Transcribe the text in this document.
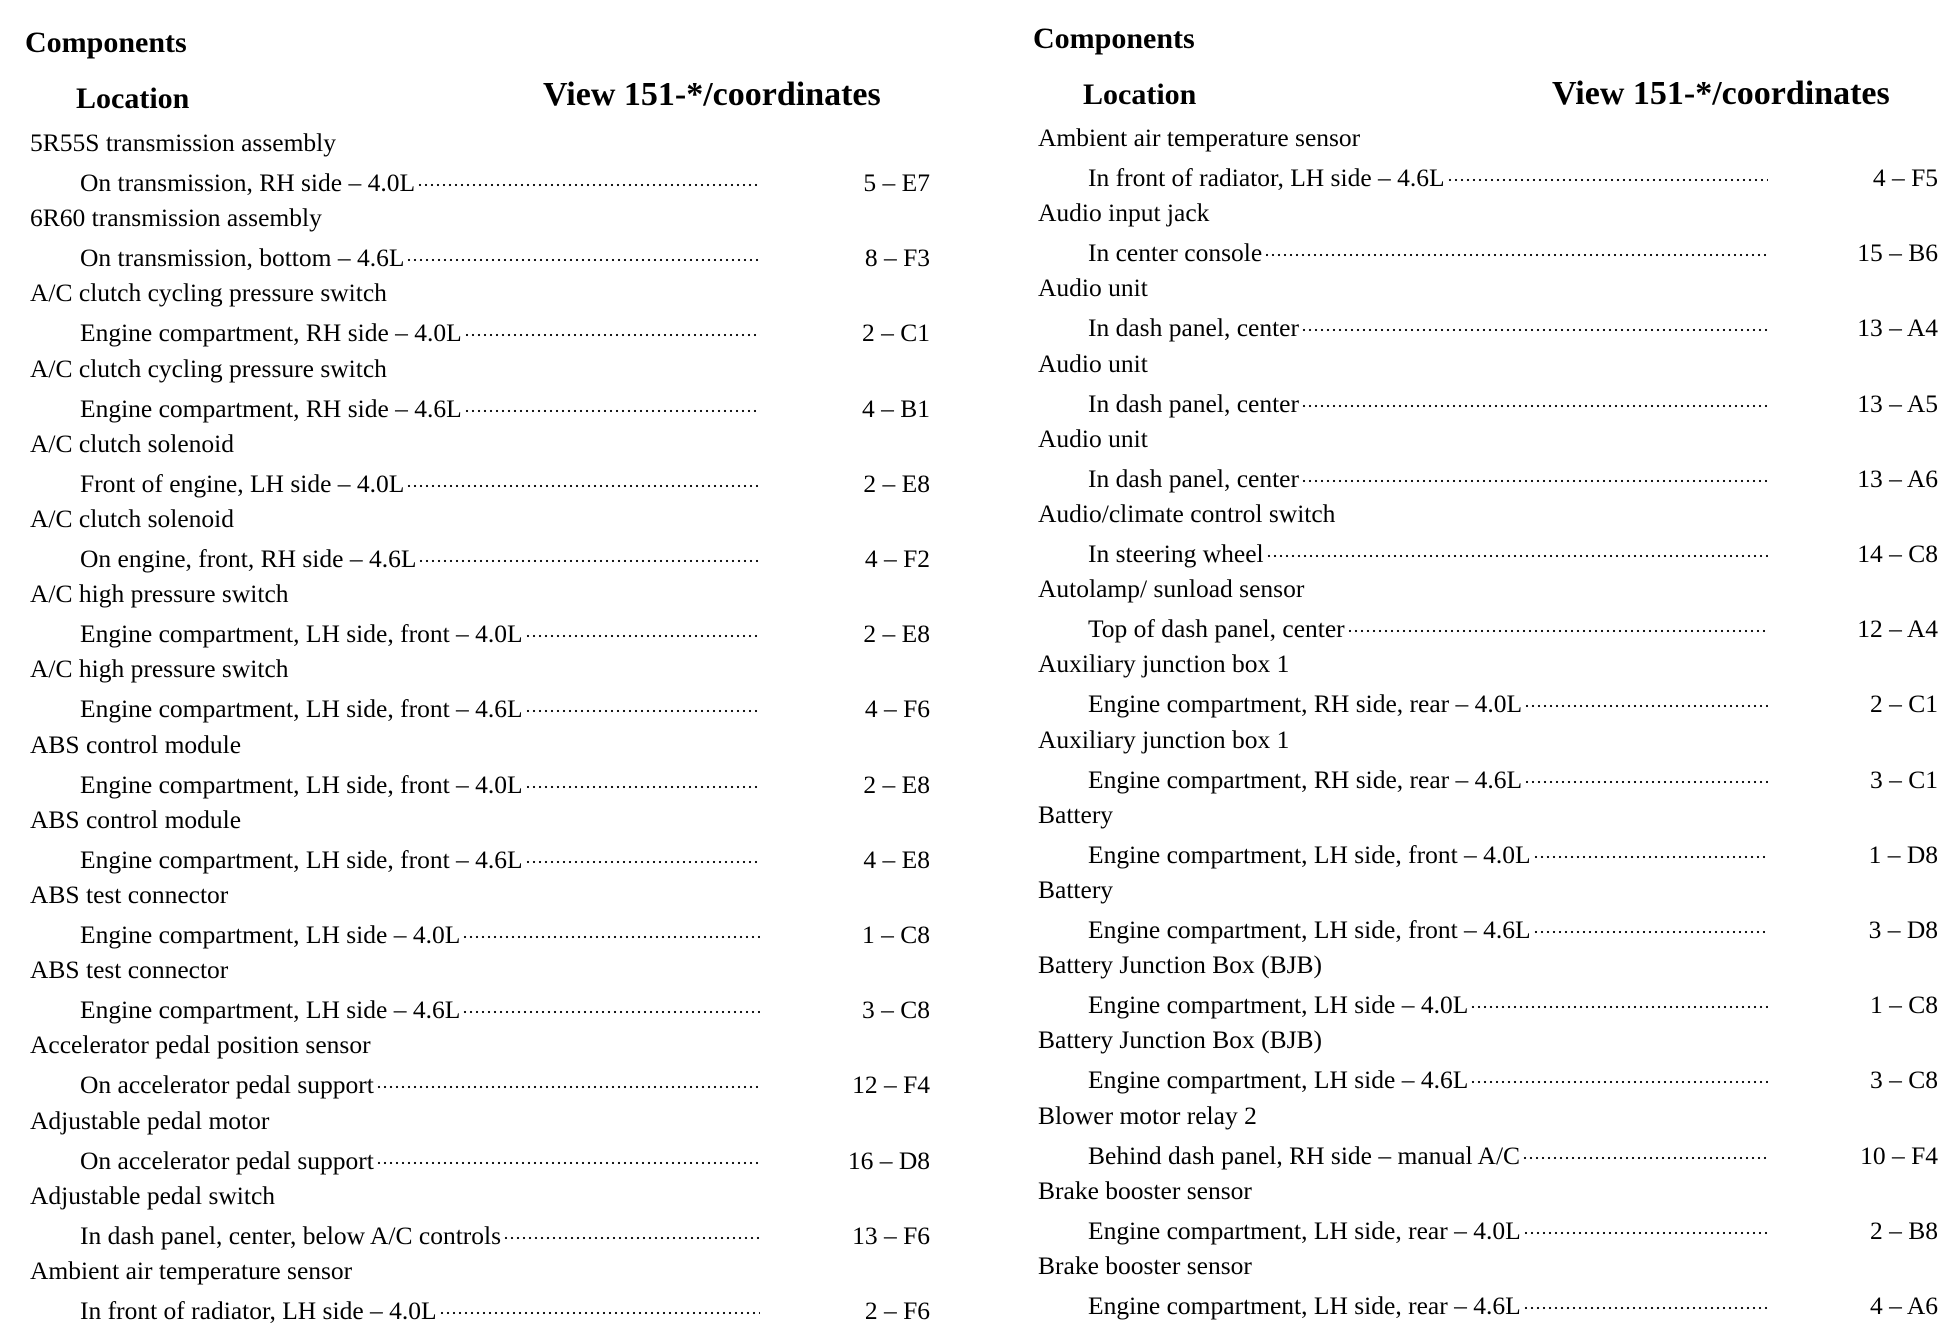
Components
Location	View 151-*/coordinates
5R55S transmission assembly
On transmission, RH side – 4.0L	5 – E7
6R60 transmission assembly
On transmission, bottom – 4.6L	8 – F3
A/C clutch cycling pressure switch
Engine compartment, RH side – 4.0L	2 – C1
A/C clutch cycling pressure switch
Engine compartment, RH side – 4.6L	4 – B1
A/C clutch solenoid
Front of engine, LH side – 4.0L	2 – E8
A/C clutch solenoid
On engine, front, RH side – 4.6L	4 – F2
A/C high pressure switch
Engine compartment, LH side, front – 4.0L	2 – E8
A/C high pressure switch
Engine compartment, LH side, front – 4.6L	4 – F6
ABS control module
Engine compartment, LH side, front – 4.0L	2 – E8
ABS control module
Engine compartment, LH side, front – 4.6L	4 – E8
ABS test connector
Engine compartment, LH side – 4.0L	1 – C8
ABS test connector
Engine compartment, LH side – 4.6L	3 – C8
Accelerator pedal position sensor
On accelerator pedal support	12 – F4
Adjustable pedal motor
On accelerator pedal support	16 – D8
Adjustable pedal switch
In dash panel, center, below A/C controls	13 – F6
Ambient air temperature sensor
In front of radiator, LH side – 4.0L	2 – F6
Components
Location	View 151-*/coordinates
Ambient air temperature sensor
In front of radiator, LH side – 4.6L	4 – F5
Audio input jack
In center console	15 – B6
Audio unit
In dash panel, center	13 – A4
Audio unit
In dash panel, center	13 – A5
Audio unit
In dash panel, center	13 – A6
Audio/climate control switch
In steering wheel	14 – C8
Autolamp/ sunload sensor
Top of dash panel, center	12 – A4
Auxiliary junction box 1
Engine compartment, RH side, rear – 4.0L	2 – C1
Auxiliary junction box 1
Engine compartment, RH side, rear – 4.6L	3 – C1
Battery
Engine compartment, LH side, front – 4.0L	1 – D8
Battery
Engine compartment, LH side, front – 4.6L	3 – D8
Battery Junction Box (BJB)
Engine compartment, LH side – 4.0L	1 – C8
Battery Junction Box (BJB)
Engine compartment, LH side – 4.6L	3 – C8
Blower motor relay 2
Behind dash panel, RH side – manual A/C	10 – F4
Brake booster sensor
Engine compartment, LH side, rear – 4.0L	2 – B8
Brake booster sensor
Engine compartment, LH side, rear – 4.6L	4 – A6
